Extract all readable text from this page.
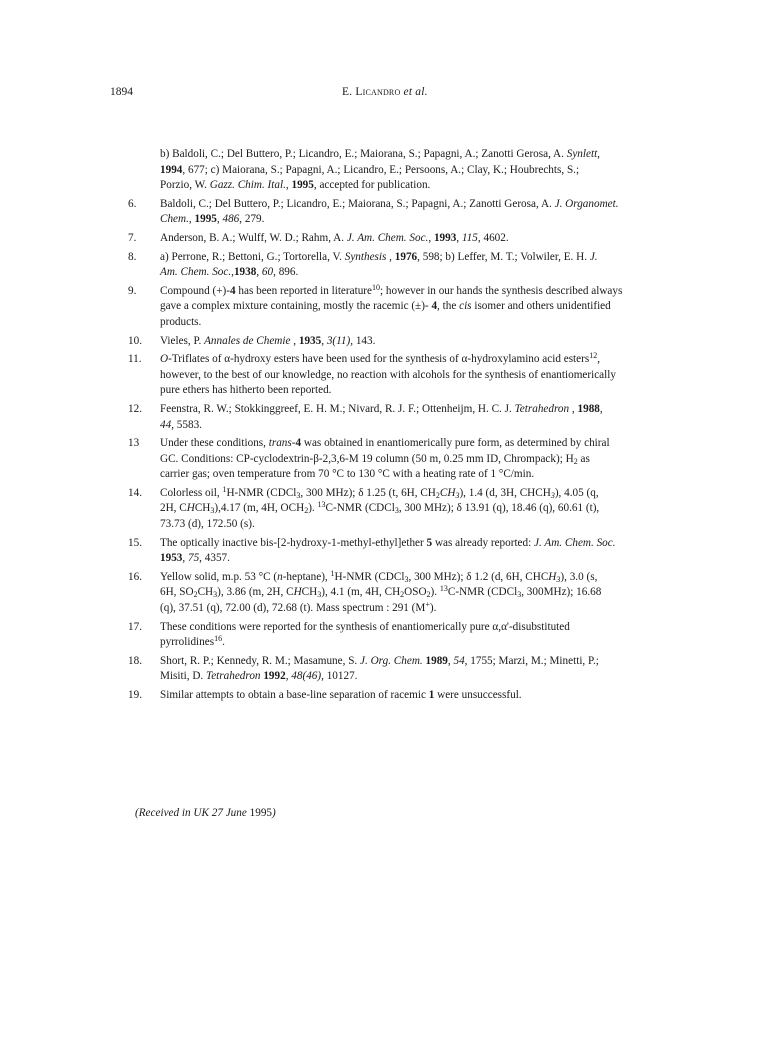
1894	E. Licandro et al.
b) Baldoli, C.; Del Buttero, P.; Licandro, E.; Maiorana, S.; Papagni, A.; Zanotti Gerosa, A. Synlett,
1994, 677; c) Maiorana, S.; Papagni, A.; Licandro, E.; Persoons, A.; Clay, K.; Houbrechts, S.;
Porzio, W. Gazz. Chim. Ital., 1995, accepted for publication.
6.	Baldoli, C.; Del Buttero, P.; Licandro, E.; Maiorana, S.; Papagni, A.; Zanotti Gerosa, A. J. Organomet.
Chem., 1995, 486, 279.
7.	Anderson, B. A.; Wulff, W. D.; Rahm, A. J. Am. Chem. Soc., 1993, 115, 4602.
8.	a) Perrone, R.; Bettoni, G.; Tortorella, V. Synthesis , 1976, 598; b) Leffer, M. T.; Volwiler, E. H. J.
Am. Chem. Soc.,1938, 60, 896.
9.	Compound (+)-4 has been reported in literature$^{10}$; however in our hands the synthesis described always
gave a complex mixture containing, mostly the racemic (±)- 4, the cis isomer and others unidentified
products.
10.	Vieles, P. Annales de Chemie , 1935, 3(11), 143.
11.	O-Triflates of α-hydroxy esters have been used for the synthesis of α-hydroxylamino acid esters$^{12}$,
however, to the best of our knowledge, no reaction with alcohols for the synthesis of enantiomerically
pure ethers has hitherto been reported.
12.	Feenstra, R. W.; Stokkinggreef, E. H. M.; Nivard, R. J. F.; Ottenheijm, H. C. J. Tetrahedron , 1988,
44, 5583.
13	Under these conditions, trans-4 was obtained in enantiomerically pure form, as determined by chiral
GC. Conditions: CP-cyclodextrin-β-2,3,6-M 19 column (50 m, 0.25 mm ID, Chrompack); $H_2$ as
carrier gas; oven temperature from 70 °C to 130 °C with a heating rate of 1 °C/min.
14.	Colorless oil, $^1$H-NMR (CDCl$_3$, 300 MHz); δ 1.25 (t, 6H, $CH_2CH_3$), 1.4 (d, 3H, $CHCH_3$), 4.05 (q,
2H, $CHCH_3),4.17$ (m, 4H, $OCH_2$). $^{13}$C-NMR (CDCl$_3$, 300 MHz); δ 13.91 (q), 18.46 (q), 60.61 (t),
73.73 (d), 172.50 (s).
15.	The optically inactive bis-[2-hydroxy-1-methyl-ethyl]ether 5 was already reported: J. Am. Chem. Soc.
1953, 75, 4357.
16.	Yellow solid, m.p. 53 °C (n-heptane), $^1$H-NMR (CDCl$_3$, 300 MHz); δ 1.2 (d, 6H, $CHCH_3$), 3.0 (s,
6H, $SO_2CH_3$), 3.86 (m, 2H, $CHCH_3$), 4.1 (m, 4H, $CH_2OSO_2$). $^{13}$C-NMR (CDCl$_3$, 300MHz); 16.68
(q), 37.51 (q), 72.00 (d), 72.68 (t). Mass spectrum : 291 (M+).
17.	These conditions were reported for the synthesis of enantiomerically pure α,α'-disubstituted
pyrrolidines$^{16}$.
18.	Short, R. P.; Kennedy, R. M.; Masamune, S. J. Org. Chem. 1989, 54, 1755; Marzi, M.; Minetti, P.;
Misiti, D. Tetrahedron 1992, 48(46), 10127.
19.	Similar attempts to obtain a base-line separation of racemic 1 were unsuccessful.
(Received in UK 27 June 1995)
